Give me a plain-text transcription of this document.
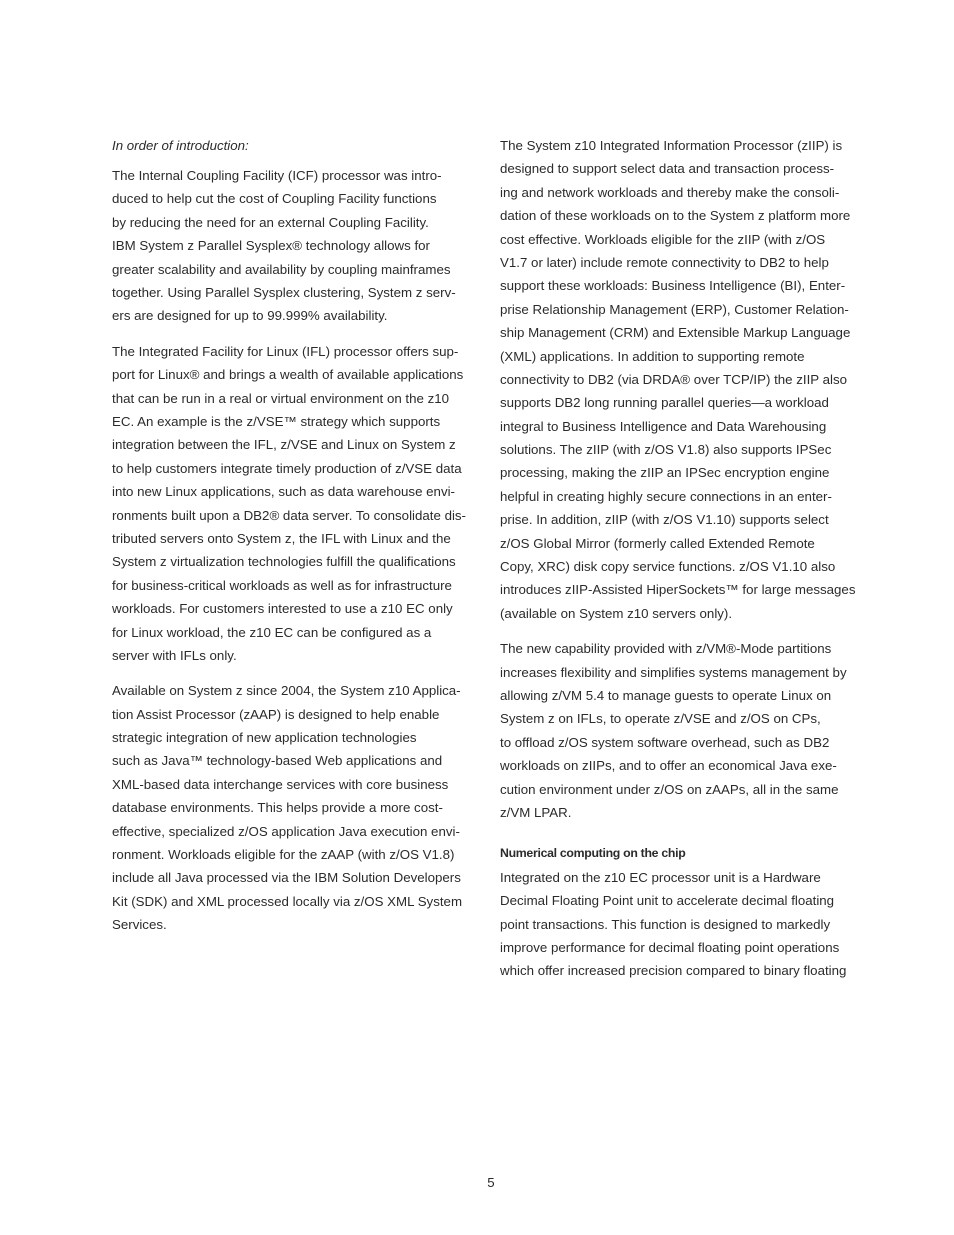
In order of introduction:
The Internal Coupling Facility (ICF) processor was intro-
duced to help cut the cost of Coupling Facility functions
by reducing the need for an external Coupling Facility.
IBM System z Parallel Sysplex® technology allows for
greater scalability and availability by coupling mainframes
together. Using Parallel Sysplex clustering, System z serv-
ers are designed for up to 99.999% availability.
The Integrated Facility for Linux (IFL) processor offers sup-
port for Linux® and brings a wealth of available applications
that can be run in a real or virtual environment on the z10
EC. An example is the z/VSE™ strategy which supports
integration between the IFL, z/VSE and Linux on System z
to help customers integrate timely production of z/VSE data
into new Linux applications, such as data warehouse envi-
ronments built upon a DB2® data server. To consolidate dis-
tributed servers onto System z, the IFL with Linux and the
System z virtualization technologies fulfill the qualifications
for business-critical workloads as well as for infrastructure
workloads. For customers interested to use a z10 EC only
for Linux workload, the z10 EC can be configured as a
server with IFLs only.
Available on System z since 2004, the System z10 Applica-
tion Assist Processor (zAAP) is designed to help enable
strategic integration of new application technologies
such as Java™ technology-based Web applications and
XML-based data interchange services with core business
database environments. This helps provide a more cost-
effective, specialized z/OS application Java execution envi-
ronment. Workloads eligible for the zAAP (with z/OS V1.8)
include all Java processed via the IBM Solution Developers
Kit (SDK) and XML processed locally via z/OS XML System
Services.
The System z10 Integrated Information Processor (zIIP) is
designed to support select data and transaction process-
ing and network workloads and thereby make the consoli-
dation of these workloads on to the System z platform more
cost effective. Workloads eligible for the zIIP (with z/OS
V1.7 or later) include remote connectivity to DB2 to help
support these workloads: Business Intelligence (BI), Enter-
prise Relationship Management (ERP), Customer Relation-
ship Management (CRM) and Extensible Markup Language
(XML) applications. In addition to supporting remote
connectivity to DB2 (via DRDA® over TCP/IP) the zIIP also
supports DB2 long running parallel queries—a workload
integral to Business Intelligence and Data Warehousing
solutions. The zIIP (with z/OS V1.8) also supports IPSec
processing, making the zIIP an IPSec encryption engine
helpful in creating highly secure connections in an enter-
prise. In addition, zIIP (with z/OS V1.10) supports select
z/OS Global Mirror (formerly called Extended Remote
Copy, XRC) disk copy service functions. z/OS V1.10 also
introduces zIIP-Assisted HiperSockets™ for large messages
(available on System z10 servers only).
The new capability provided with z/VM®-Mode partitions
increases flexibility and simplifies systems management by
allowing z/VM 5.4 to manage guests to operate Linux on
System z on IFLs, to operate z/VSE and z/OS on CPs,
to offload z/OS system software overhead, such as DB2
workloads on zIIPs, and to offer an economical Java exe-
cution environment under z/OS on zAAPs, all in the same
z/VM LPAR.
Numerical computing on the chip
Integrated on the z10 EC processor unit is a Hardware
Decimal Floating Point unit to accelerate decimal floating
point transactions. This function is designed to markedly
improve performance for decimal floating point operations
which offer increased precision compared to binary floating
5
